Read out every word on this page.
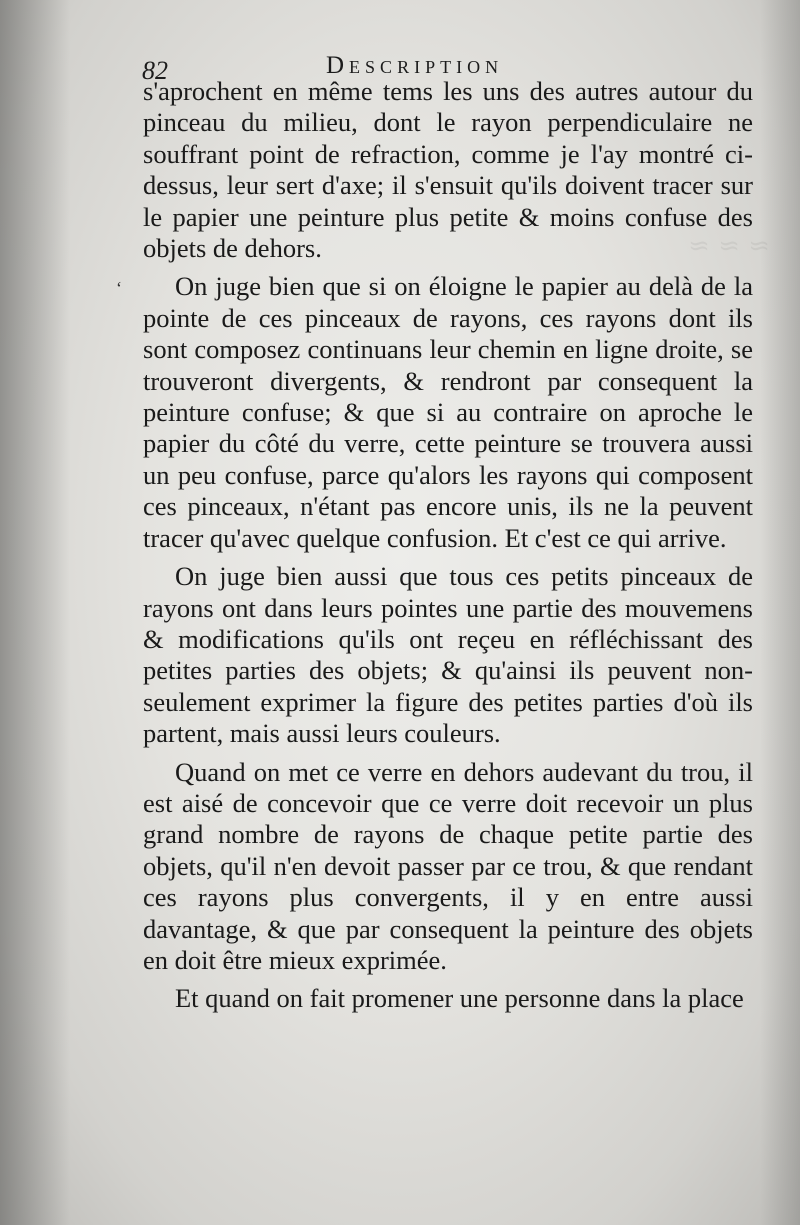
≈ ≈ ≈
82	Description
‘

s'aprochent en même tems les uns des autres autour du pinceau du milieu, dont le rayon perpendiculaire ne souffrant point de refraction, comme je l'ay montré ci-dessus, leur sert d'axe; il s'ensuit qu'ils doivent tracer sur le papier une peinture plus petite & moins confuse des objets de dehors.

On juge bien que si on éloigne le papier au delà de la pointe de ces pinceaux de rayons, ces rayons dont ils sont composez continuans leur chemin en ligne droite, se trouveront divergents, & rendront par consequent la peinture confuse; & que si au contraire on aproche le papier du côté du verre, cette peinture se trouvera aussi un peu confuse, parce qu'alors les rayons qui composent ces pinceaux, n'étant pas encore unis, ils ne la peuvent tracer qu'avec quelque confusion. Et c'est ce qui arrive.

On juge bien aussi que tous ces petits pinceaux de rayons ont dans leurs pointes une partie des mouvemens & modifications qu'ils ont reçeu en réfléchissant des petites parties des objets; & qu'ainsi ils peuvent non-seulement exprimer la figure des petites parties d'où ils partent, mais aussi leurs couleurs.

Quand on met ce verre en dehors audevant du trou, il est aisé de concevoir que ce verre doit recevoir un plus grand nombre de rayons de chaque petite partie des objets, qu'il n'en devoit passer par ce trou, & que rendant ces rayons plus convergents, il y en entre aussi davantage, & que par consequent la peinture des objets en doit être mieux exprimée.

Et quand on fait promener une personne dans la place
